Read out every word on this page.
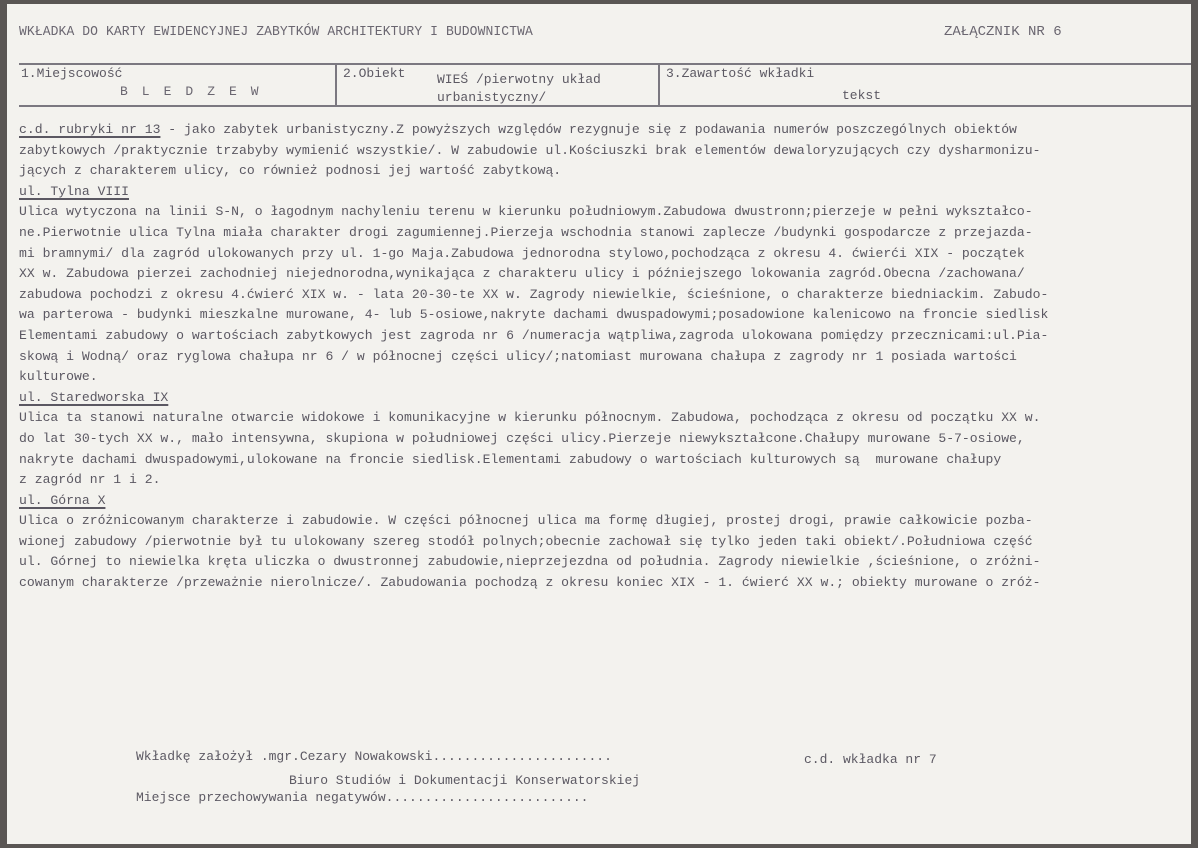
WKŁADKA DO KARTY EWIDENCYJNEJ ZABYTKÓW ARCHITEKTURY I BUDOWNICTWA	ZAŁĄCZNIK NR 6
1.Miejscowość
BLEDZEW
2.Obiekt WIEŚ /pierwotny układ
urbanistyczny/
3.Zawartość wkładki
tekst
c.d. rubryki nr 13 - jako zabytek urbanistyczny.Z powyższych względów rezygnuje się z podawania numerów poszczególnych obiektów
zabytkowych /praktycznie trzabyby wymienić wszystkie/. W zabudowie ul.Kościuszki brak elementów dewaloryzujących czy dysharmonizu-
jących z charakterem ulicy, co również podnosi jej wartość zabytkową.
ul. Tylna VIII
Ulica wytyczona na linii S-N, o łagodnym nachyleniu terenu w kierunku południowym.Zabudowa dwustronn;pierzeje w pełni wykształco-
ne.Pierwotnie ulica Tylna miała charakter drogi zagumiennej.Pierzeja wschodnia stanowi zaplecze /budynki gospodarcze z przejazda-
mi bramnymi/ dla zagród ulokowanych przy ul. 1-go Maja.Zabudowa jednorodna stylowo,pochodząca z okresu 4. ćwierći XIX - początek
XX w. Zabudowa pierzei zachodniej niejednorodna,wynikająca z charakteru ulicy i późniejszego lokowania zagród.Obecna /zachowana/
zabudowa pochodzi z okresu 4.ćwierć XIX w. - lata 20-30-te XX w. Zagrody niewielkie, ścieśnione, o charakterze biedniackim. Zabudo-
wa parterowa - budynki mieszkalne murowane, 4- lub 5-osiowe,nakryte dachami dwuspadowymi;posadowione kalenicowo na froncie siedlisk
Elementami zabudowy o wartościach zabytkowych jest zagroda nr 6 /numeracja wątpliwa,zagroda ulokowana pomiędzy przecznicami:ul.Pia-
skową i Wodną/ oraz ryglowa chałupa nr 6 / w północnej części ulicy/;natomiast murowana chałupa z zagrody nr 1 posiada wartości
kulturowe.
ul. Staredworska IX
Ulica ta stanowi naturalne otwarcie widokowe i komunikacyjne w kierunku północnym. Zabudowa, pochodząca z okresu od początku XX w.
do lat 30-tych XX w., mało intensywna, skupiona w południowej części ulicy.Pierzeje niewykształcone.Chałupy murowane 5-7-osiowe,
nakryte dachami dwuspadowymi,ulokowane na froncie siedlisk.Elementami zabudowy o wartościach kulturowych są  murowane chałupy
z zagród nr 1 i 2.
ul. Górna X
Ulica o zróżnicowanym charakterze i zabudowie. W części północnej ulica ma formę długiej, prostej drogi, prawie całkowicie pozba-
wionej zabudowy /pierwotnie był tu ulokowany szereg stodół polnych;obecnie zachował się tylko jeden taki obiekt/.Południowa część
ul. Górnej to niewielka kręta uliczka o dwustronnej zabudowie,nieprzejezdna od południa. Zagrody niewielkie ,ścieśnione, o zróżni-
cowanym charakterze /przeważnie nierolnicze/. Zabudowania pochodzą z okresu koniec XIX - 1. ćwierć XX w.; obiekty murowane o zróż-
Wkładkę założył .mgr.Cezary Nowakowski.......................
Biuro Studiów i Dokumentacji Konserwatorskiej
Miejsce przechowywania negatywów..........................
c.d. wkładka nr 7
